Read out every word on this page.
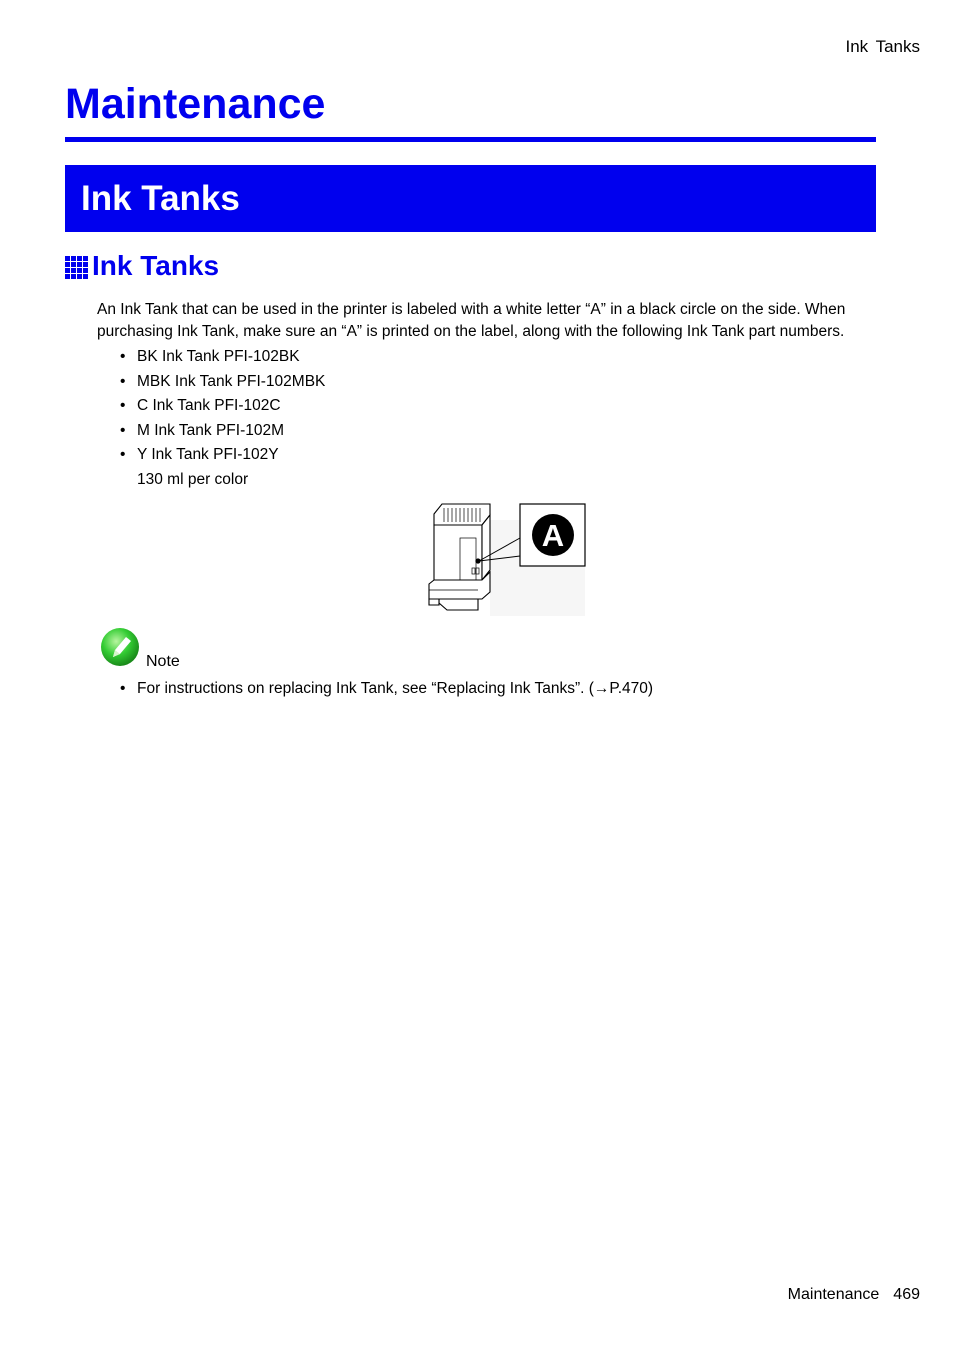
Ink Tanks
Maintenance
Ink Tanks
Ink Tanks

An Ink Tank that can be used in the printer is labeled with a white letter “A” in a black circle on the side. When purchasing Ink Tank, make sure an “A” is printed on the label, along with the following Ink Tank part numbers.

• BK Ink Tank PFI-102BK
• MBK Ink Tank PFI-102MBK
• C Ink Tank PFI-102C
• M Ink Tank PFI-102M
• Y Ink Tank PFI-102Y
130 ml per color
A
Note
• For instructions on replacing Ink Tank, see “Replacing Ink Tanks”. (→P.470)
Maintenance 469
